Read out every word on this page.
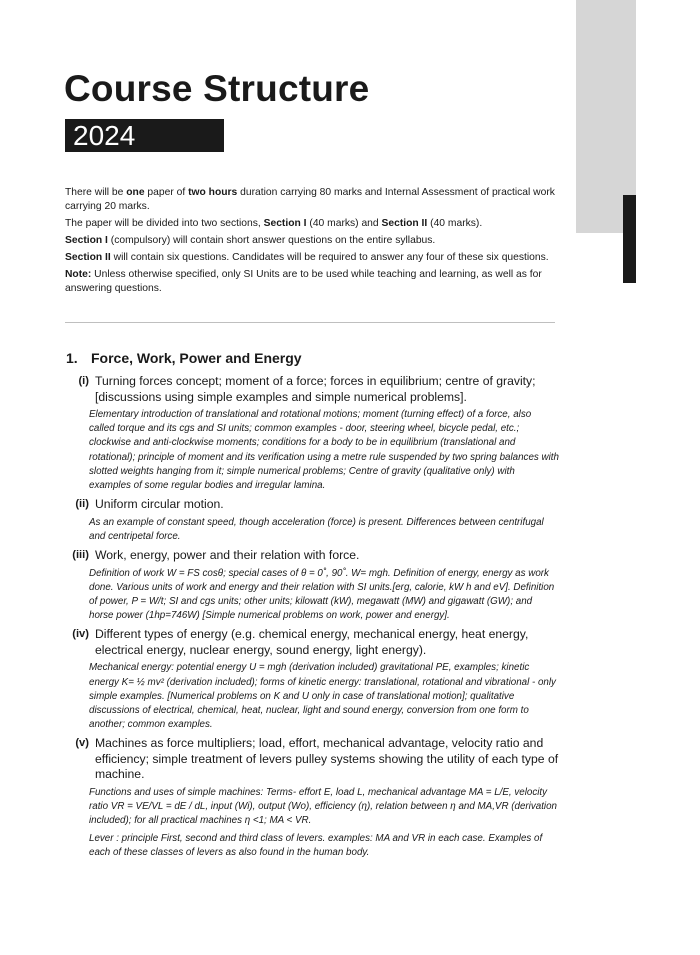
Course Structure
2024

There will be one paper of two hours duration carrying 80 marks and Internal Assessment of practical work carrying 20 marks.

The paper will be divided into two sections, Section I (40 marks) and Section II (40 marks).

Section I (compulsory) will contain short answer questions on the entire syllabus.

Section II will contain six questions. Candidates will be required to answer any four of these six questions.

Note: Unless otherwise specified, only SI Units are to be used while teaching and learning, as well as for answering questions.

1. Force, Work, Power and Energy
(i) Turning forces concept; moment of a force; forces in equilibrium; centre of gravity; [discussions using simple examples and simple numerical problems].

Elementary introduction of translational and rotational motions; moment (turning effect) of a force, also called torque and its cgs and SI units; common examples - door, steering wheel, bicycle pedal, etc.; clockwise and anti-clockwise moments; conditions for a body to be in equilibrium (translational and rotational); principle of moment and its verification using a metre rule suspended by two spring balances with slotted weights hanging from it; simple numerical problems; Centre of gravity (qualitative only) with examples of some regular bodies and irregular lamina.

(ii) Uniform circular motion.

As an example of constant speed, though acceleration (force) is present. Differences between centrifugal and centripetal force.

(iii) Work, energy, power and their relation with force.

Definition of work W = FS cosθ; special cases of θ = 0˚, 90˚. W= mgh. Definition of energy, energy as work done. Various units of work and energy and their relation with SI units.[erg, calorie, kW h and eV]. Definition of power, P = W/t; SI and cgs units; other units; kilowatt (kW), megawatt (MW) and gigawatt (GW); and horse power (1hp=746W) [Simple numerical problems on work, power and energy].

(iv) Different types of energy (e.g. chemical energy, mechanical energy, heat energy, electrical energy, nuclear energy, sound energy, light energy).

Mechanical energy: potential energy U = mgh (derivation included) gravitational PE, examples; kinetic energy K= ½ mv² (derivation included); forms of kinetic energy: translational, rotational and vibrational - only simple examples. [Numerical problems on K and U only in case of translational motion]; qualitative discussions of electrical, chemical, heat, nuclear, light and sound energy, conversion from one form to another; common examples.

(v) Machines as force multipliers; load, effort, mechanical advantage, velocity ratio and efficiency; simple treatment of levers pulley systems showing the utility of each type of machine.

Functions and uses of simple machines: Terms- effort E, load L, mechanical advantage MA = L/E, velocity ratio VR = VE/VL = dE / dL, input (Wi), output (Wo), efficiency (η), relation between η and MA,VR (derivation included); for all practical machines η <1; MA < VR.

Lever : principle First, second and third class of levers. examples: MA and VR in each case. Examples of each of these classes of levers as also found in the human body.
